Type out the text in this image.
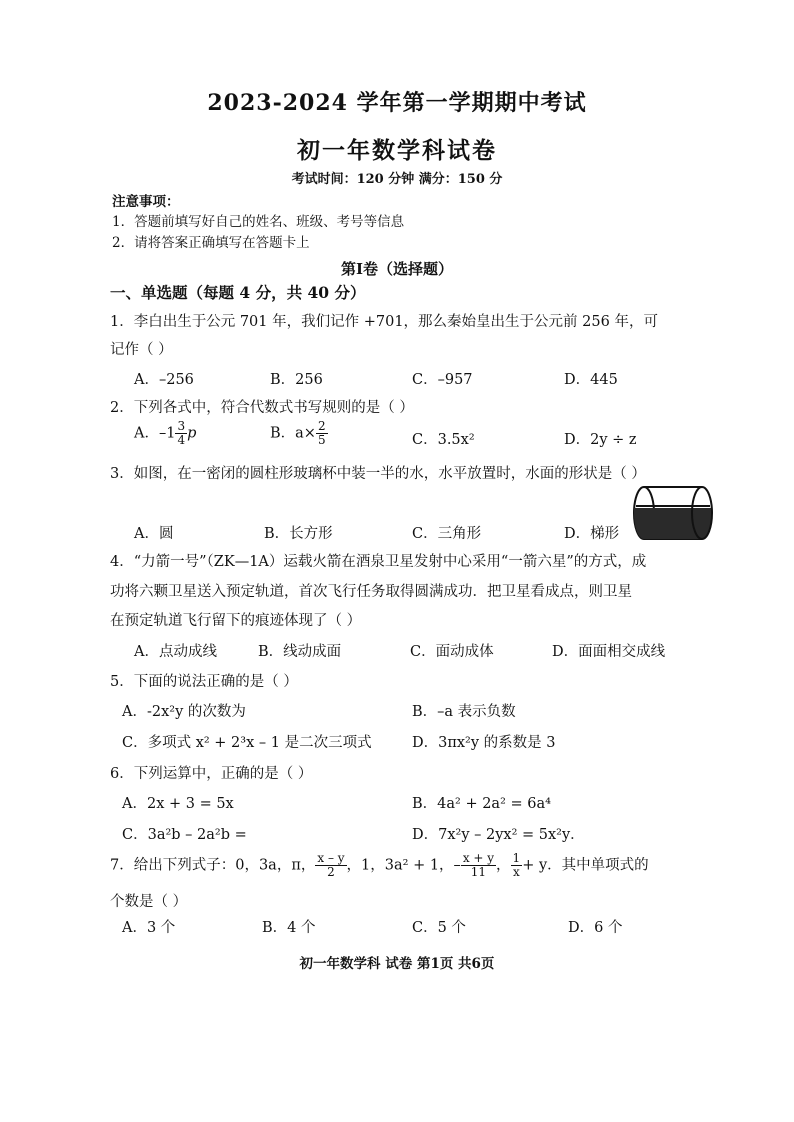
2023-2024 学年第一学期期中考试
初一年数学科试卷
考试时间：120 分钟 满分：150 分
注意事项：
1．答题前填写好自己的姓名、班级、考号等信息
2．请将答案正确填写在答题卡上
第Ⅰ卷（选择题）
一、单选题（每题 4 分，共 40 分）
1．李白出生于公元 701 年，我们记作 +701，那么秦始皇出生于公元前 256 年，可
记作（ ）
A．–256	B．256	C．–957	D．445
2．下列各式中，符合代数式书写规则的是（ ）
A．$-1 \frac{3}{4}$ p	B．$a\times \frac{2}{5}$	C．3.5x²	D．2y ÷ z
3．如图，在一密闭的圆柱形玻璃杯中装一半的水，水平放置时，水面的形状是（ ）
A．圆	B．长方形	C．三角形	D．梯形
4．“力箭一号”（ZK—1A）运载火箭在酒泉卫星发射中心采用“一箭六星”的方式，成
功将六颗卫星送入预定轨道，首次飞行任务取得圆满成功．把卫星看成点，则卫星
在预定轨道飞行留下的痕迹体现了（ ）
A．点动成线	B．线动成面	C．面动成体	D．面面相交成线
5．下面的说法正确的是（ ）
A．-2x²y 的次数为	B．–a 表示负数
C．多项式 x² + 2³x – 1 是二次三项式	D．3πx²y 的系数是 3
6．下列运算中，正确的是（ ）
A．2x + 3 = 5x	B．4a² + 2a² = 6a⁴
C．3a²b – 2a²b =	D．7x²y – 2yx² = 5x²y．
7．给出下列式子：0，3a，π， $\frac{x - y}{2}$ ，1，3a² + 1，– $\frac{x + y}{11}$ ， $\frac{1}{x} + y$．其中单项式的
个数是（ ）
A．3 个	B．4 个	C．5 个	D．6 个
初一年数学科 试卷 第1页 共6页
